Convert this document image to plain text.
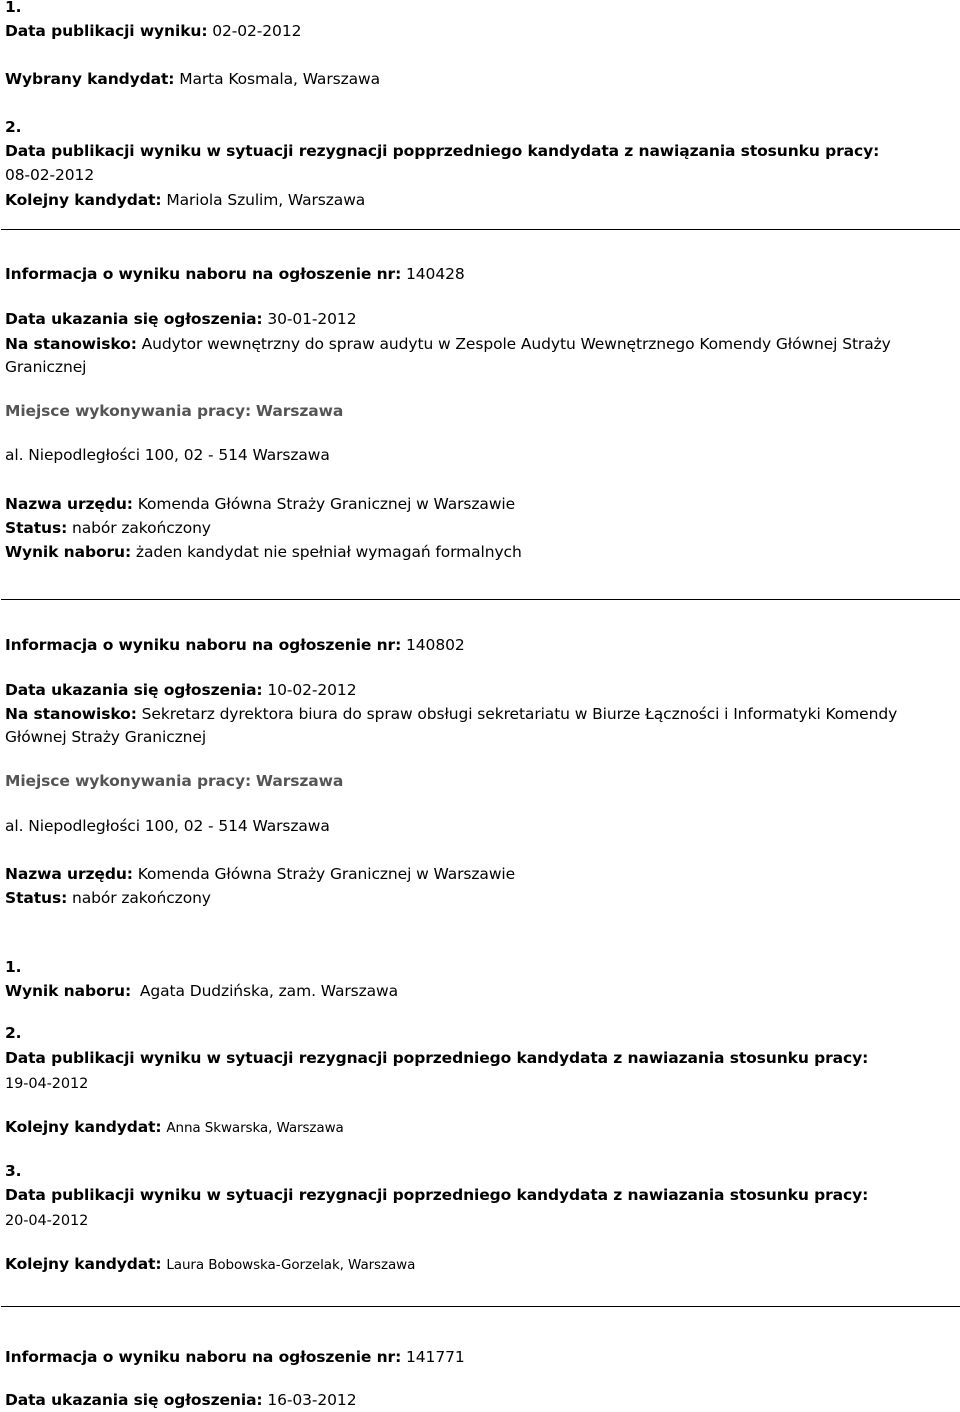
1.
Data publikacji wyniku: 02-02-2012
Wybrany kandydat: Marta Kosmala, Warszawa
2.
Data publikacji wyniku w sytuacji rezygnacji popprzedniego kandydata z nawiązania stosunku pracy:
08-02-2012
Kolejny kandydat: Mariola Szulim, Warszawa
Informacja o wyniku naboru na ogłoszenie nr: 140428
Data ukazania się ogłoszenia: 30-01-2012
Na stanowisko: Audytor wewnętrzny do spraw audytu w Zespole Audytu Wewnętrznego Komendy Głównej Straży Granicznej
Miejsce wykonywania pracy: Warszawa
al. Niepodległości 100, 02 - 514 Warszawa
Nazwa urzędu: Komenda Główna Straży Granicznej w Warszawie
Status: nabór zakończony
Wynik naboru: żaden kandydat nie spełniał wymagań formalnych
Informacja o wyniku naboru na ogłoszenie nr: 140802
Data ukazania się ogłoszenia: 10-02-2012
Na stanowisko: Sekretarz dyrektora biura do spraw obsługi sekretariatu w Biurze Łączności i Informatyki Komendy Głównej Straży Granicznej
Miejsce wykonywania pracy: Warszawa
al. Niepodległości 100, 02 - 514 Warszawa
Nazwa urzędu: Komenda Główna Straży Granicznej w Warszawie
Status: nabór zakończony
1.
Wynik naboru: Agata Dudzińska, zam. Warszawa
2.
Data publikacji wyniku w sytuacji rezygnacji poprzedniego kandydata z nawiazania stosunku pracy:
19-04-2012
Kolejny kandydat: Anna Skwarska, Warszawa
3.
Data publikacji wyniku w sytuacji rezygnacji poprzedniego kandydata z nawiazania stosunku pracy:
20-04-2012
Kolejny kandydat: Laura Bobowska-Gorzelak, Warszawa
Informacja o wyniku naboru na ogłoszenie nr: 141771
Data ukazania się ogłoszenia: 16-03-2012
